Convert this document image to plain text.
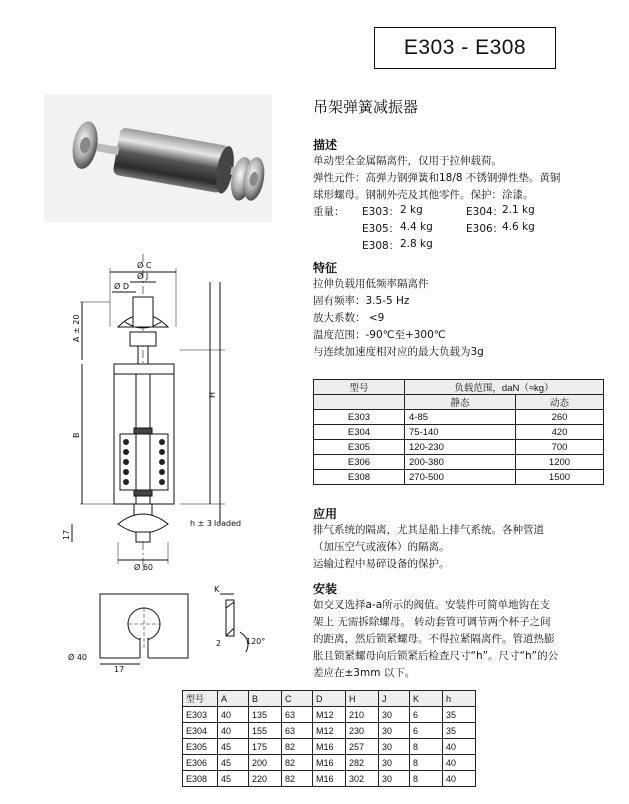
E303 - E308
Ø C
Ø J
Ø D
A ± 20
B
H
h ± 3 loaded
17
Ø 60
K
2	120°
Ø 40
17
吊架弹簧减振器
描述
单动型全金属隔离件，仅用于拉伸载荷。
弹性元件：高弹力钢弹簧和18/8 不锈钢弹性垫。黄铜
球形螺母。钢制外壳及其他零件。保护：涂漆。
重量： E303： 2 kg	E304：
2.1 kg
E305： 4.4 kg	E306：
4.6 kg
E308： 2.8 kg
特征
拉伸负载用低频率隔离件
固有频率：3.5-5 Hz
放大系数： <9
温度范围：-90℃至+300℃
与连续加速度相对应的最大负载为3g
型号	负载范围，daN（≈kg）	
	静态	动态
E303	4-85	260
E304	75-140	420
E305	120-230	700
E306	200-380	1200
E308	270-500	1500
应用
排气系统的隔离，尤其是船上排气系统。各种管道
（加压空气或液体）的隔离。
运输过程中易碎设备的保护。
安装
如交叉选择a-a所示的阀值。安装件可简单地钩在支
架上 无需拆除螺母。 转动套管可调节两个杯子之间
的距离，然后锁紧螺母。不得拉紧隔离件。管道热膨
胀且锁紧螺母向后锁紧后检查尺寸“h”。尺寸“h”的公
差应在±3mm 以下。
型号	A	B	C	D	H	J	K	h
E303	40	135	63	M12	210	30	6	35
E304	40	155	63	M12	230	30	6	35
E305	45	175	82	M16	257	30	8	40
E306	45	200	82	M16	282	30	8	40
E308	45	220	82	M16	302	30	8	40
